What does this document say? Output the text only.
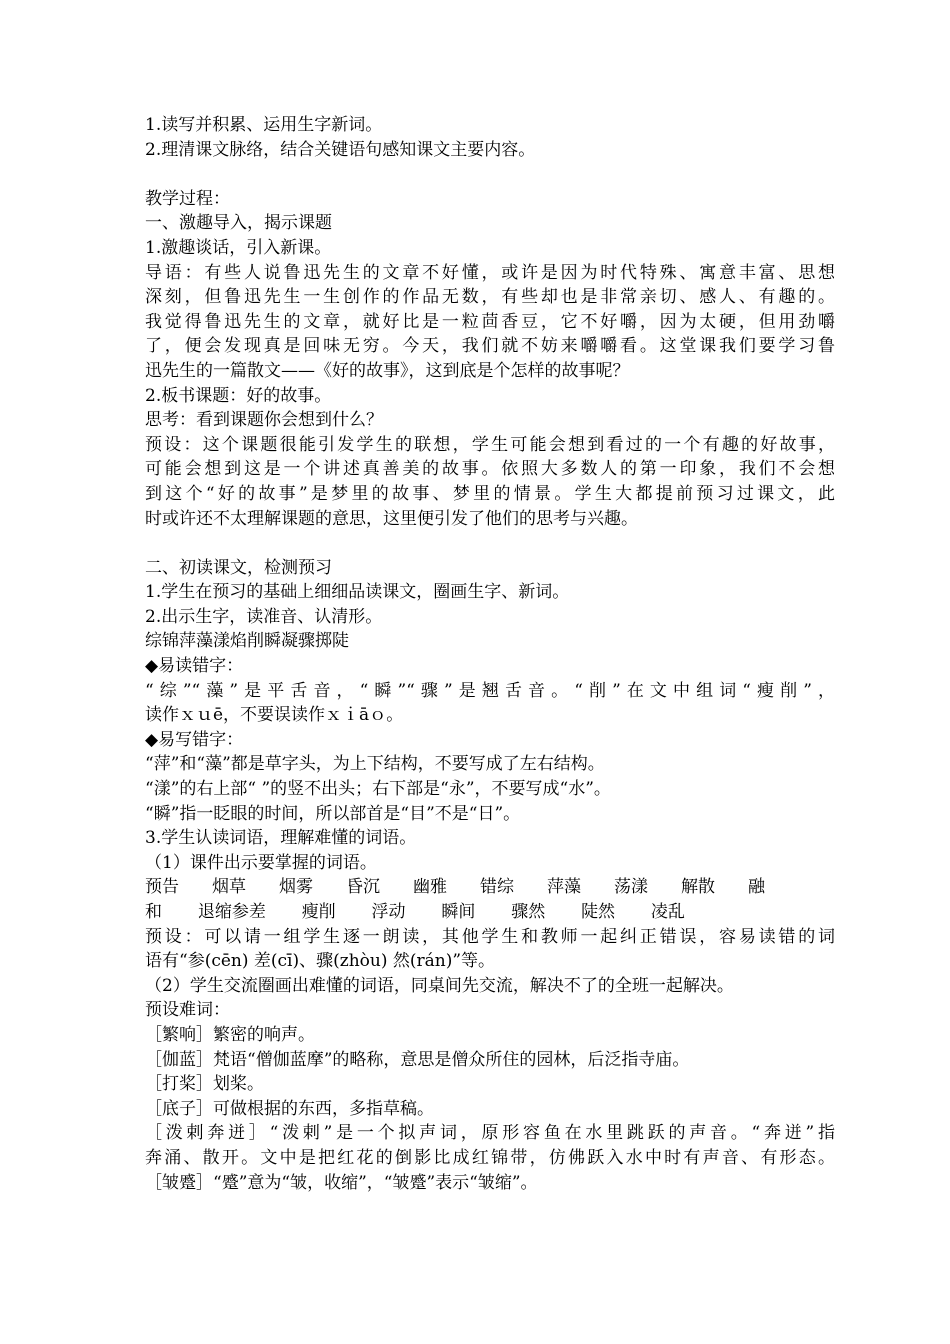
1.读写并积累、运用生字新词。
2.理清课文脉络，结合关键语句感知课文主要内容。
教学过程：
一、激趣导入，揭示课题
1.激趣谈话，引入新课。
导语：有些人说鲁迅先生的文章不好懂，或许是因为时代特殊、寓意丰富、思想
深刻，但鲁迅先生一生创作的作品无数，有些却也是非常亲切、感人、有趣的。
我觉得鲁迅先生的文章，就好比是一粒茴香豆，它不好嚼，因为太硬，但用劲嚼
了，便会发现真是回味无穷。今天，我们就不妨来嚼嚼看。这堂课我们要学习鲁
迅先生的一篇散文——《好的故事》，这到底是个怎样的故事呢？
2.板书课题：好的故事。
思考：看到课题你会想到什么？
预设：这个课题很能引发学生的联想，学生可能会想到看过的一个有趣的好故事，
可能会想到这是一个讲述真善美的故事。依照大多数人的第一印象，我们不会想
到这个“好的故事”是梦里的故事、梦里的情景。学生大都提前预习过课文，此
时或许还不太理解课题的意思，这里便引发了他们的思考与兴趣。
二、初读课文，检测预习
1.学生在预习的基础上细细品读课文，圈画生字、新词。
2.出示生字，读准音、认清形。
综锦萍藻漾焰削瞬凝骤掷陡
◆易读错字：
“综”“藻”是平舌音，“瞬”“骤”是翘舌音。“削”在文中组词“瘦削”，
读作ｘｕē，不要误读作ｘｉāｏ。
◆易写错字：
“萍”和“藻”都是草字头，为上下结构，不要写成了左右结构。
“漾”的右上部“ ”的竖不出头；右下部是“永”，不要写成“水”。
“瞬”指一眨眼的时间，所以部首是“目”不是“日”。
3.学生认读词语，理解难懂的词语。
（1）课件出示要掌握的词语。
预告 烟草 烟雾 昏沉 幽雅 错综 萍藻 荡漾 解散 融
和 退缩参差 瘦削 浮动 瞬间 骤然 陡然 凌乱
预设：可以请一组学生逐一朗读，其他学生和教师一起纠正错误，容易读错的词
语有“参(cēn) 差(cī)、骤(zhòu) 然(rán)”等。
（2）学生交流圈画出难懂的词语，同桌间先交流，解决不了的全班一起解决。
预设难词：
［繁响］繁密的响声。
［伽蓝］梵语“僧伽蓝摩”的略称，意思是僧众所住的园林，后泛指寺庙。
［打桨］划桨。
［底子］可做根据的东西，多指草稿。
［泼剌奔迸］“泼剌”是一个拟声词，原形容鱼在水里跳跃的声音。“奔迸”指
奔涌、散开。文中是把红花的倒影比成红锦带，仿佛跃入水中时有声音、有形态。
［皱蹙］“蹙”意为“皱，收缩”，“皱蹙”表示“皱缩”。
